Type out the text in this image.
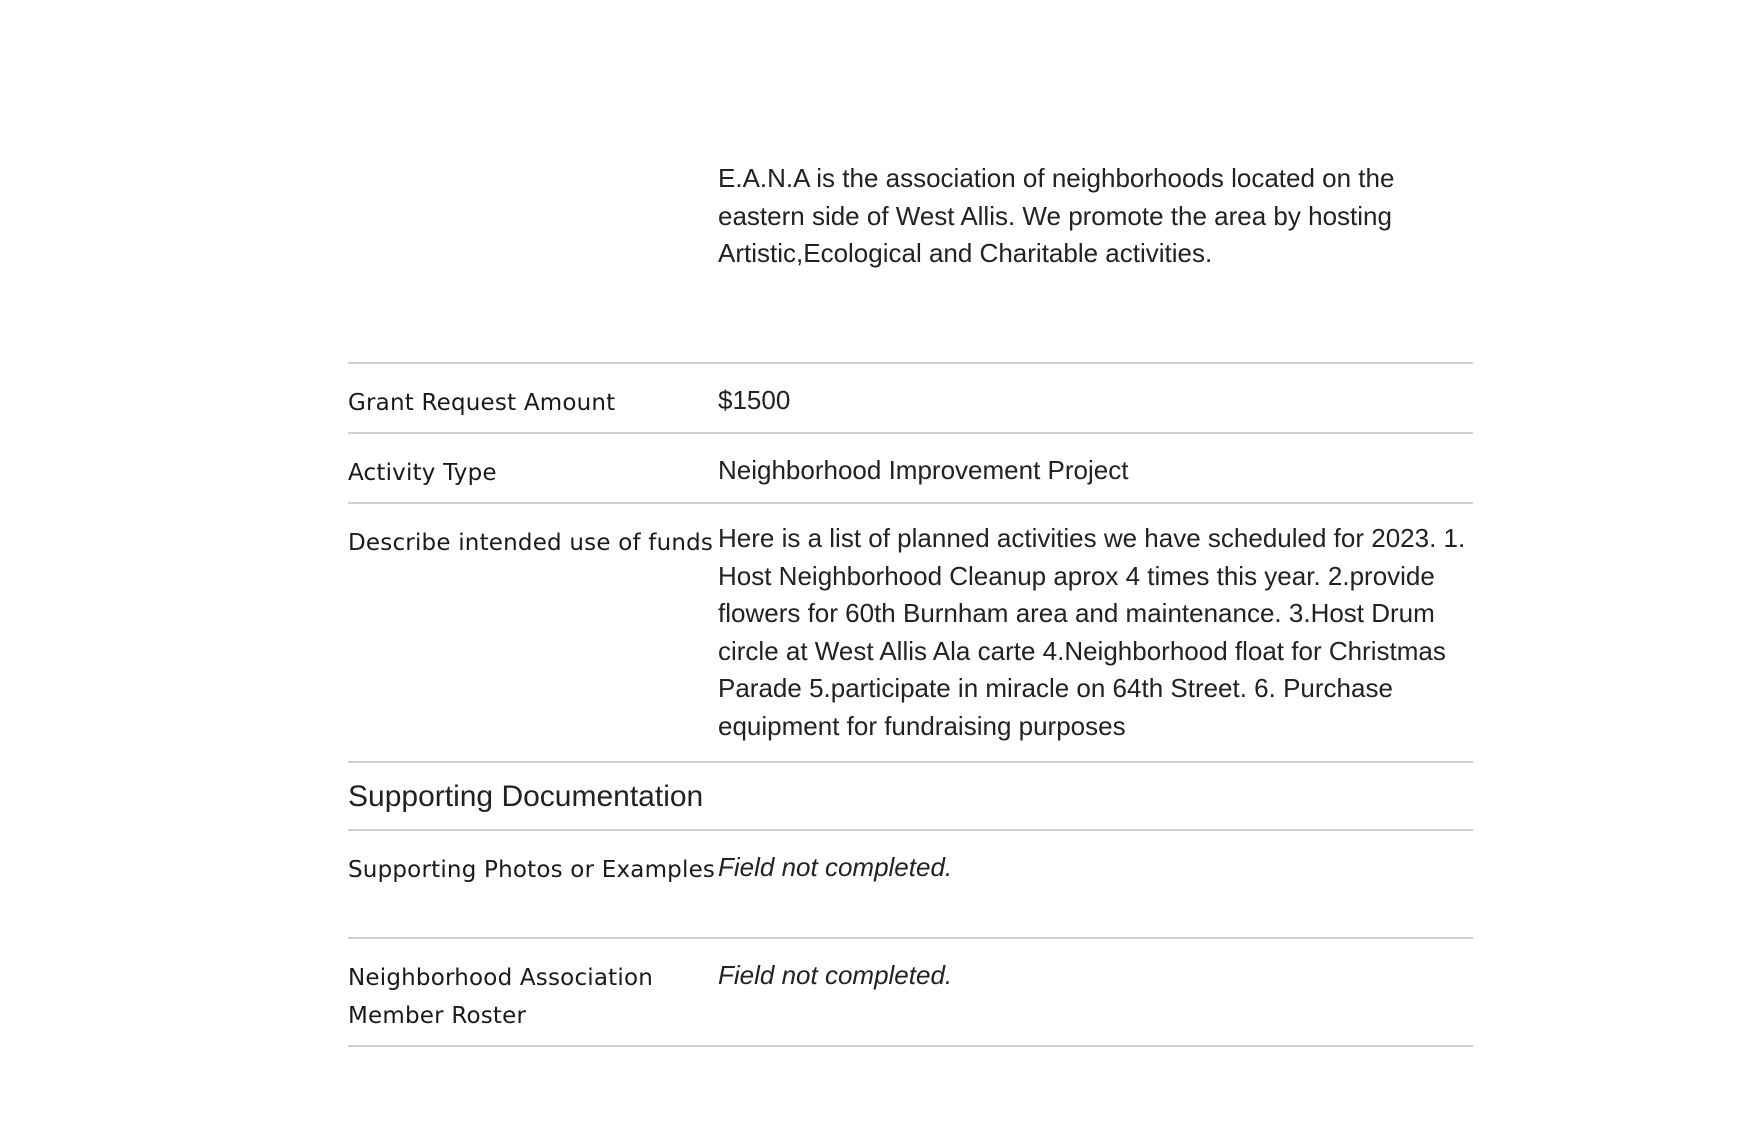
E.A.N.A is the association of neighborhoods located on the eastern side of West Allis. We promote the area by hosting Artistic,Ecological and Charitable activities.
Grant Request Amount	$1500
Activity Type	Neighborhood Improvement Project
Describe intended use of funds Here is a list of planned activities we have scheduled for 2023. 1. Host Neighborhood Cleanup aprox 4 times this year. 2.provide flowers for 60th Burnham area and maintenance. 3.Host Drum circle at West Allis Ala carte 4.Neighborhood float for Christmas Parade 5.participate in miracle on 64th Street. 6. Purchase equipment for fundraising purposes
Supporting Documentation
Supporting Photos or Examples Field not completed.
Neighborhood Association Member Roster
Field not completed.
